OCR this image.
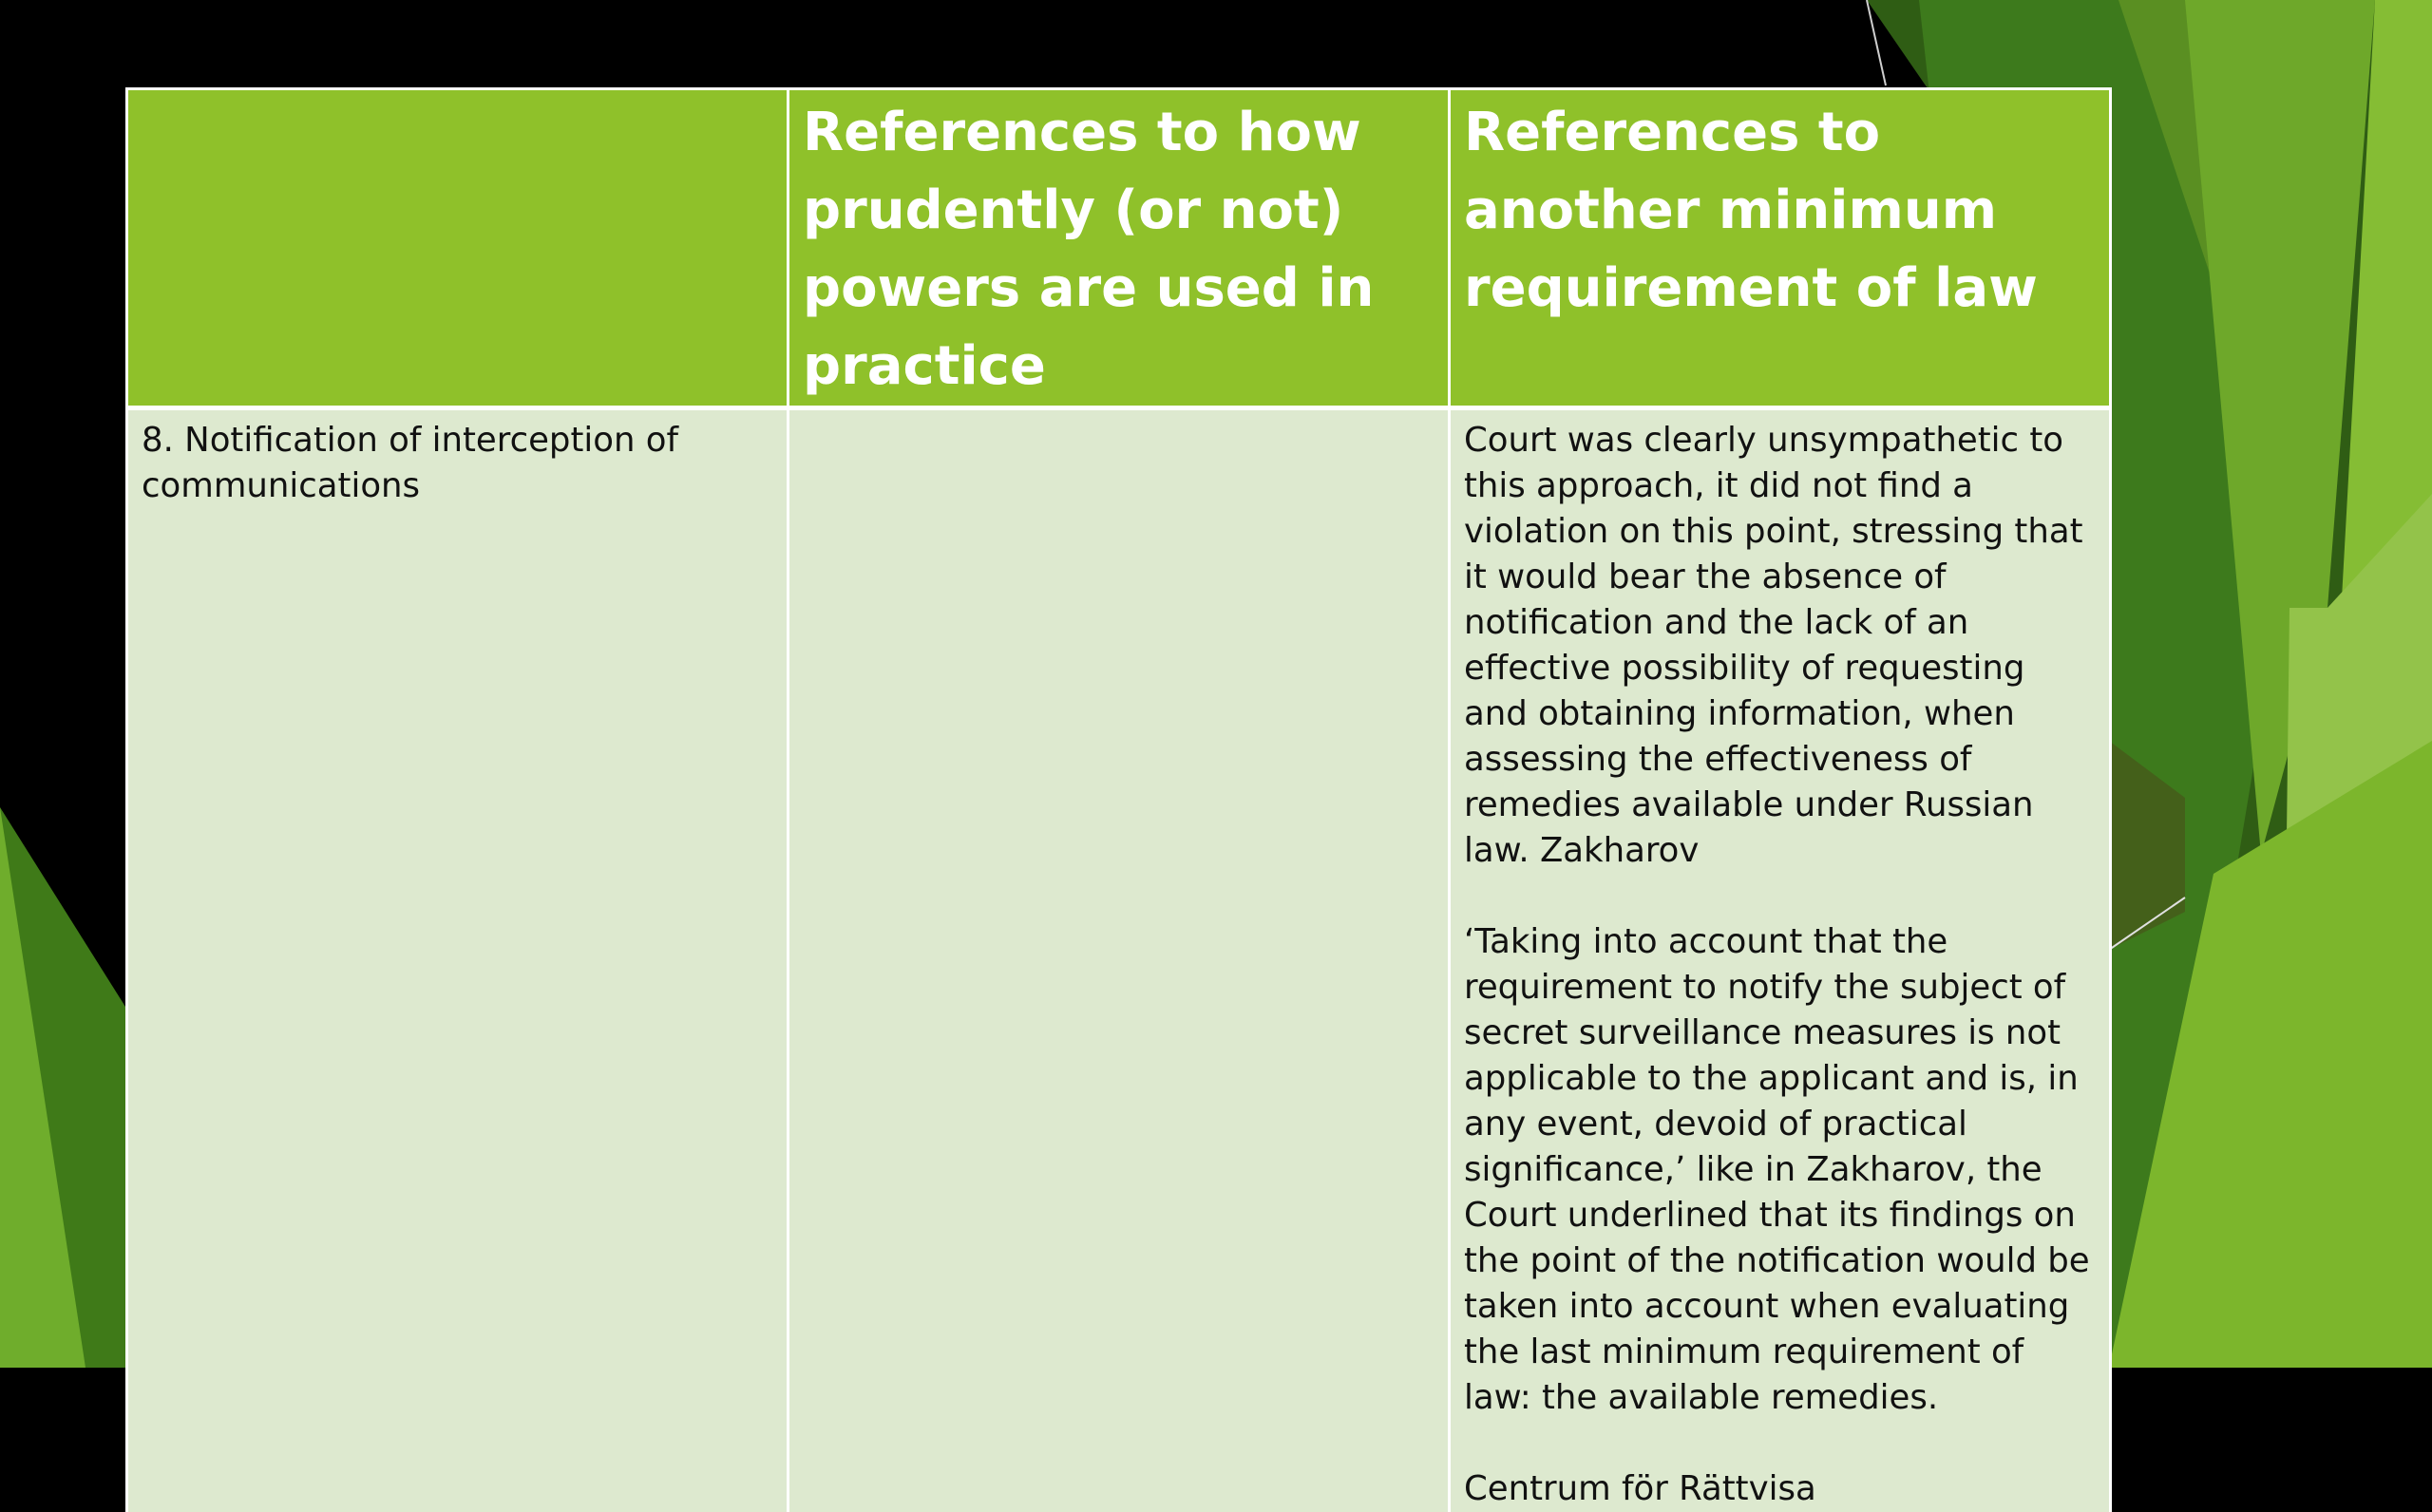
	References to how prudently (or not) powers are used in practice	References to another minimum requirement of law
8. Notification of interception of communications		Court was clearly unsympathetic to this approach, it did not find a violation on this point, stressing that it would bear the absence of notification and the lack of an effective possibility of requesting and obtaining information, when assessing the effectiveness of remedies available under Russian law. Zakharov
‘Taking into account that the requirement to notify the subject of secret surveillance measures is not applicable to the applicant and is, in any event, devoid of practical significance,’ like in Zakharov, the Court underlined that its findings on the point of the notification would be taken into account when evaluating the last minimum requirement of law: the available remedies.
Centrum för Rättvisa
